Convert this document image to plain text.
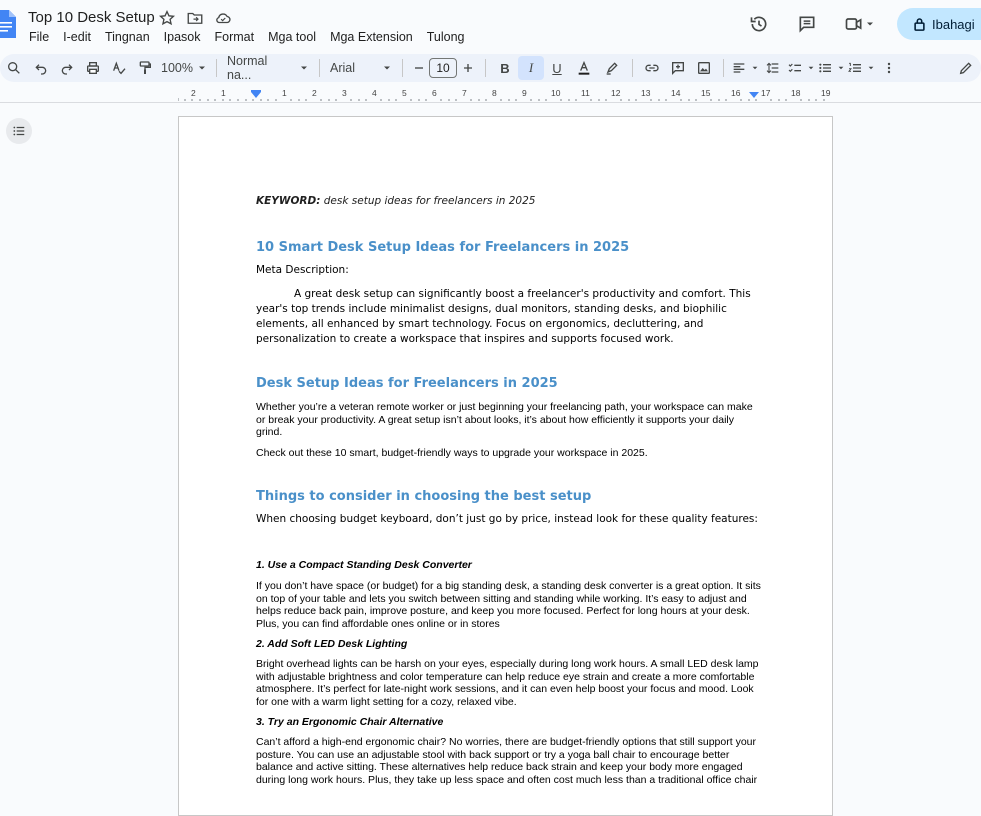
Top 10 Desk Setup
File	I-edit	Tingnan	Ipasok	Format	Mga tool	Mga Extension	Tulong
Ibahagi
100%	Normal na...	Arial	10	B	I	U
2	1	1	2	3	4	5	6	7	8	9	10 11 12 13 14 15 16 17 18 19
KEYWORD: desk setup ideas for freelancers in 2025
10 Smart Desk Setup Ideas for Freelancers in 2025
Meta Description:
A great desk setup can significantly boost a freelancer's productivity and comfort. This year's top trends include minimalist designs, dual monitors, standing desks, and biophilic elements, all enhanced by smart technology. Focus on ergonomics, decluttering, and personalization to create a workspace that inspires and supports focused work.
Desk Setup Ideas for Freelancers in 2025
Whether you’re a veteran remote worker or just beginning your freelancing path, your workspace can make or break your productivity. A great setup isn’t about looks, it’s about how efficiently it supports your daily grind.
Check out these 10 smart, budget-friendly ways to upgrade your workspace in 2025.
Things to consider in choosing the best setup
When choosing budget keyboard, don’t just go by price, instead look for these quality features:
1. Use a Compact Standing Desk Converter
If you don’t have space (or budget) for a big standing desk, a standing desk converter is a great option. It sits on top of your table and lets you switch between sitting and standing while working. It’s easy to adjust and helps reduce back pain, improve posture, and keep you more focused. Perfect for long hours at your desk. Plus, you can find affordable ones online or in stores
2. Add Soft LED Desk Lighting
Bright overhead lights can be harsh on your eyes, especially during long work hours. A small LED desk lamp with adjustable brightness and color temperature can help reduce eye strain and create a more comfortable atmosphere. It’s perfect for late-night work sessions, and it can even help boost your focus and mood. Look for one with a warm light setting for a cozy, relaxed vibe.
3. Try an Ergonomic Chair Alternative
Can’t afford a high-end ergonomic chair? No worries, there are budget-friendly options that still support your posture. You can use an adjustable stool with back support or try a yoga ball chair to encourage better balance and active sitting. These alternatives help reduce back strain and keep your body more engaged during long work hours. Plus, they take up less space and often cost much less than a traditional office chair
